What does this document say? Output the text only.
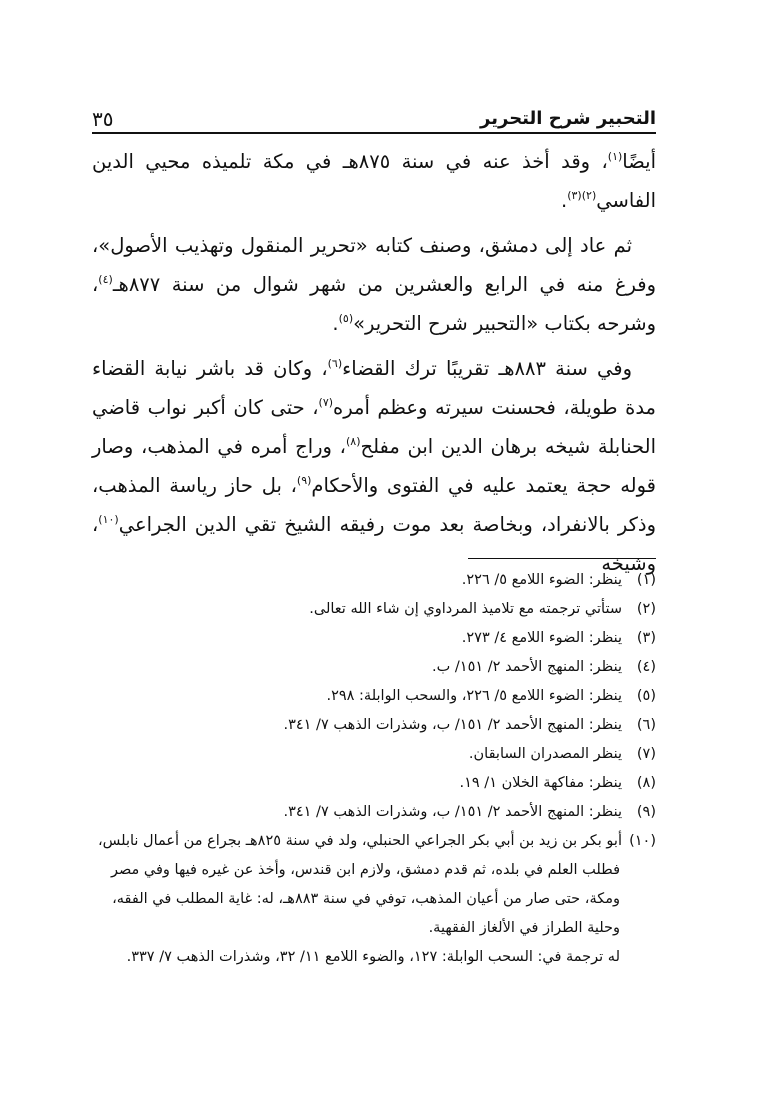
التحبير شرح التحرير
٣٥

أيضًا$^{(١)}$، وقد أخذ عنه في سنة ٨٧٥هـ في مكة تلميذه محيي الدين الفاسي$^{(٢)(٣)}$.

ثم عاد إلى دمشق، وصنف كتابه «تحرير المنقول وتهذيب الأصول»، وفرغ منه في الرابع والعشرين من شهر شوال من سنة ٨٧٧هـ$^{(٤)}$، وشرحه بكتاب «التحبير شرح التحرير»$^{(٥)}$.

وفي سنة ٨٨٣هـ تقريبًا ترك القضاء$^{(٦)}$، وكان قد باشر نيابة القضاء مدة طويلة، فحسنت سيرته وعظم أمره$^{(٧)}$، حتى كان أكبر نواب قاضي الحنابلة شيخه برهان الدين ابن مفلح$^{(٨)}$، وراج أمره في المذهب، وصار قوله حجة يعتمد عليه في الفتوى والأحكام$^{(٩)}$، بل حاز رياسة المذهب، وذكر بالانفراد، وبخاصة بعد موت رفيقه الشيخ تقي الدين الجراعي$^{(١٠)}$، وشيخه

(١)ينظر: الضوء اللامع ٥/ ٢٢٦.
(٢)ستأتي ترجمته مع تلاميذ المرداوي إن شاء الله تعالى.
(٣)ينظر: الضوء اللامع ٤/ ٢٧٣.
(٤)ينظر: المنهج الأحمد ٢/ ١٥١/ ب.
(٥)ينظر: الضوء اللامع ٥/ ٢٢٦، والسحب الوابلة: ٢٩٨.
(٦)ينظر: المنهج الأحمد ٢/ ١٥١/ ب، وشذرات الذهب ٧/ ٣٤١.
(٧)ينظر المصدران السابقان.
(٨)ينظر: مفاكهة الخلان ١/ ١٩.
(٩)ينظر: المنهج الأحمد ٢/ ١٥١/ ب، وشذرات الذهب ٧/ ٣٤١.
(١٠)أبو بكر بن زيد بن أبي بكر الجراعي الحنبلي، ولد في سنة ٨٢٥هـ بجراع من أعمال نابلس،
فطلب العلم في بلده، ثم قدم دمشق، ولازم ابن قندس، وأخذ عن غيره فيها وفي مصر
ومكة، حتى صار من أعيان المذهب، توفي في سنة ٨٨٣هـ، له: غاية المطلب في الفقه،
وحلية الطراز في الألغاز الفقهية.
له ترجمة في: السحب الوابلة: ١٢٧، والضوء اللامع ١١/ ٣٢، وشذرات الذهب ٧/ ٣٣٧.
